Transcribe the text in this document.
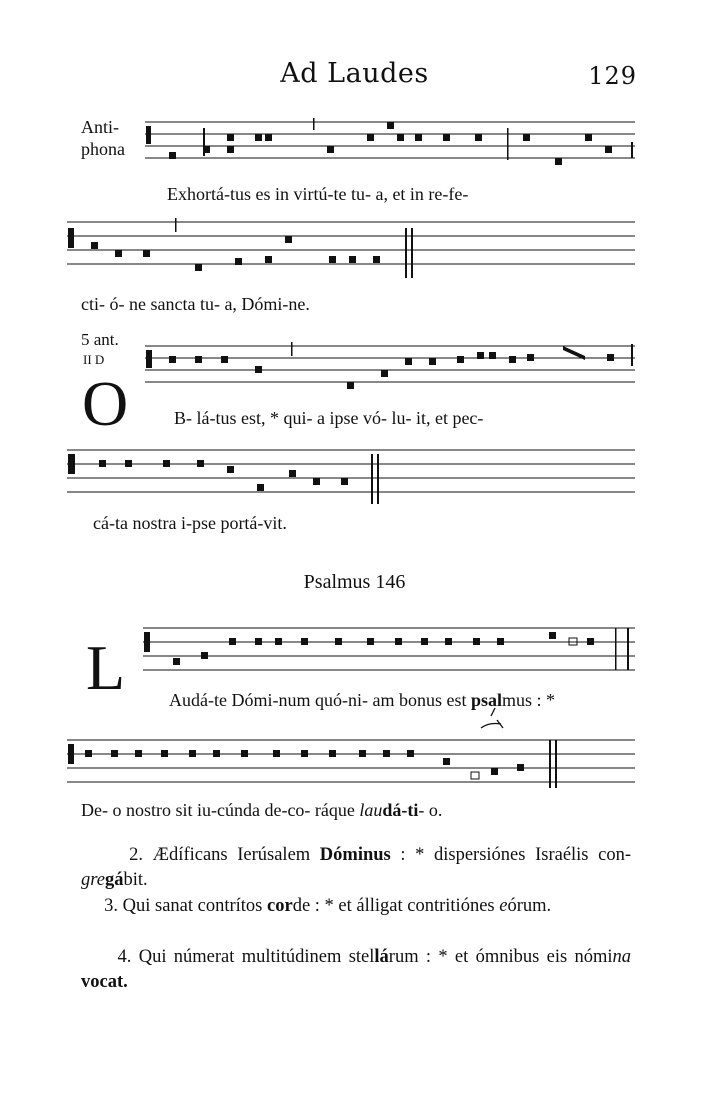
Ad Laudes	129
Anti-
phona
Exhortá-tus es in virtú-te tu- a, et in re-fe-
cti- ó- ne sancta tu- a, Dómi-ne.
5 ant.
II D
O	B- lá-tus est, * qui- a ipse vó- lu- it, et pec-
cá-ta nostra i-pse portá-vit.
Psalmus 146
L Audá-te Dómi-num quó-ni- am bonus est psalmus : *
De- o nostro sit iu-cúnda de-co- ráque laudá-ti- o.
2. Ædíficans Ierúsalem Dóminus : * dispersiónes Israélis con-gregábit.
3. Qui sanat contrítos corde : * et álligat contritiónes eórum.
4. Qui númerat multitúdinem stellárum : * et ómnibus eis nómina vocat.
